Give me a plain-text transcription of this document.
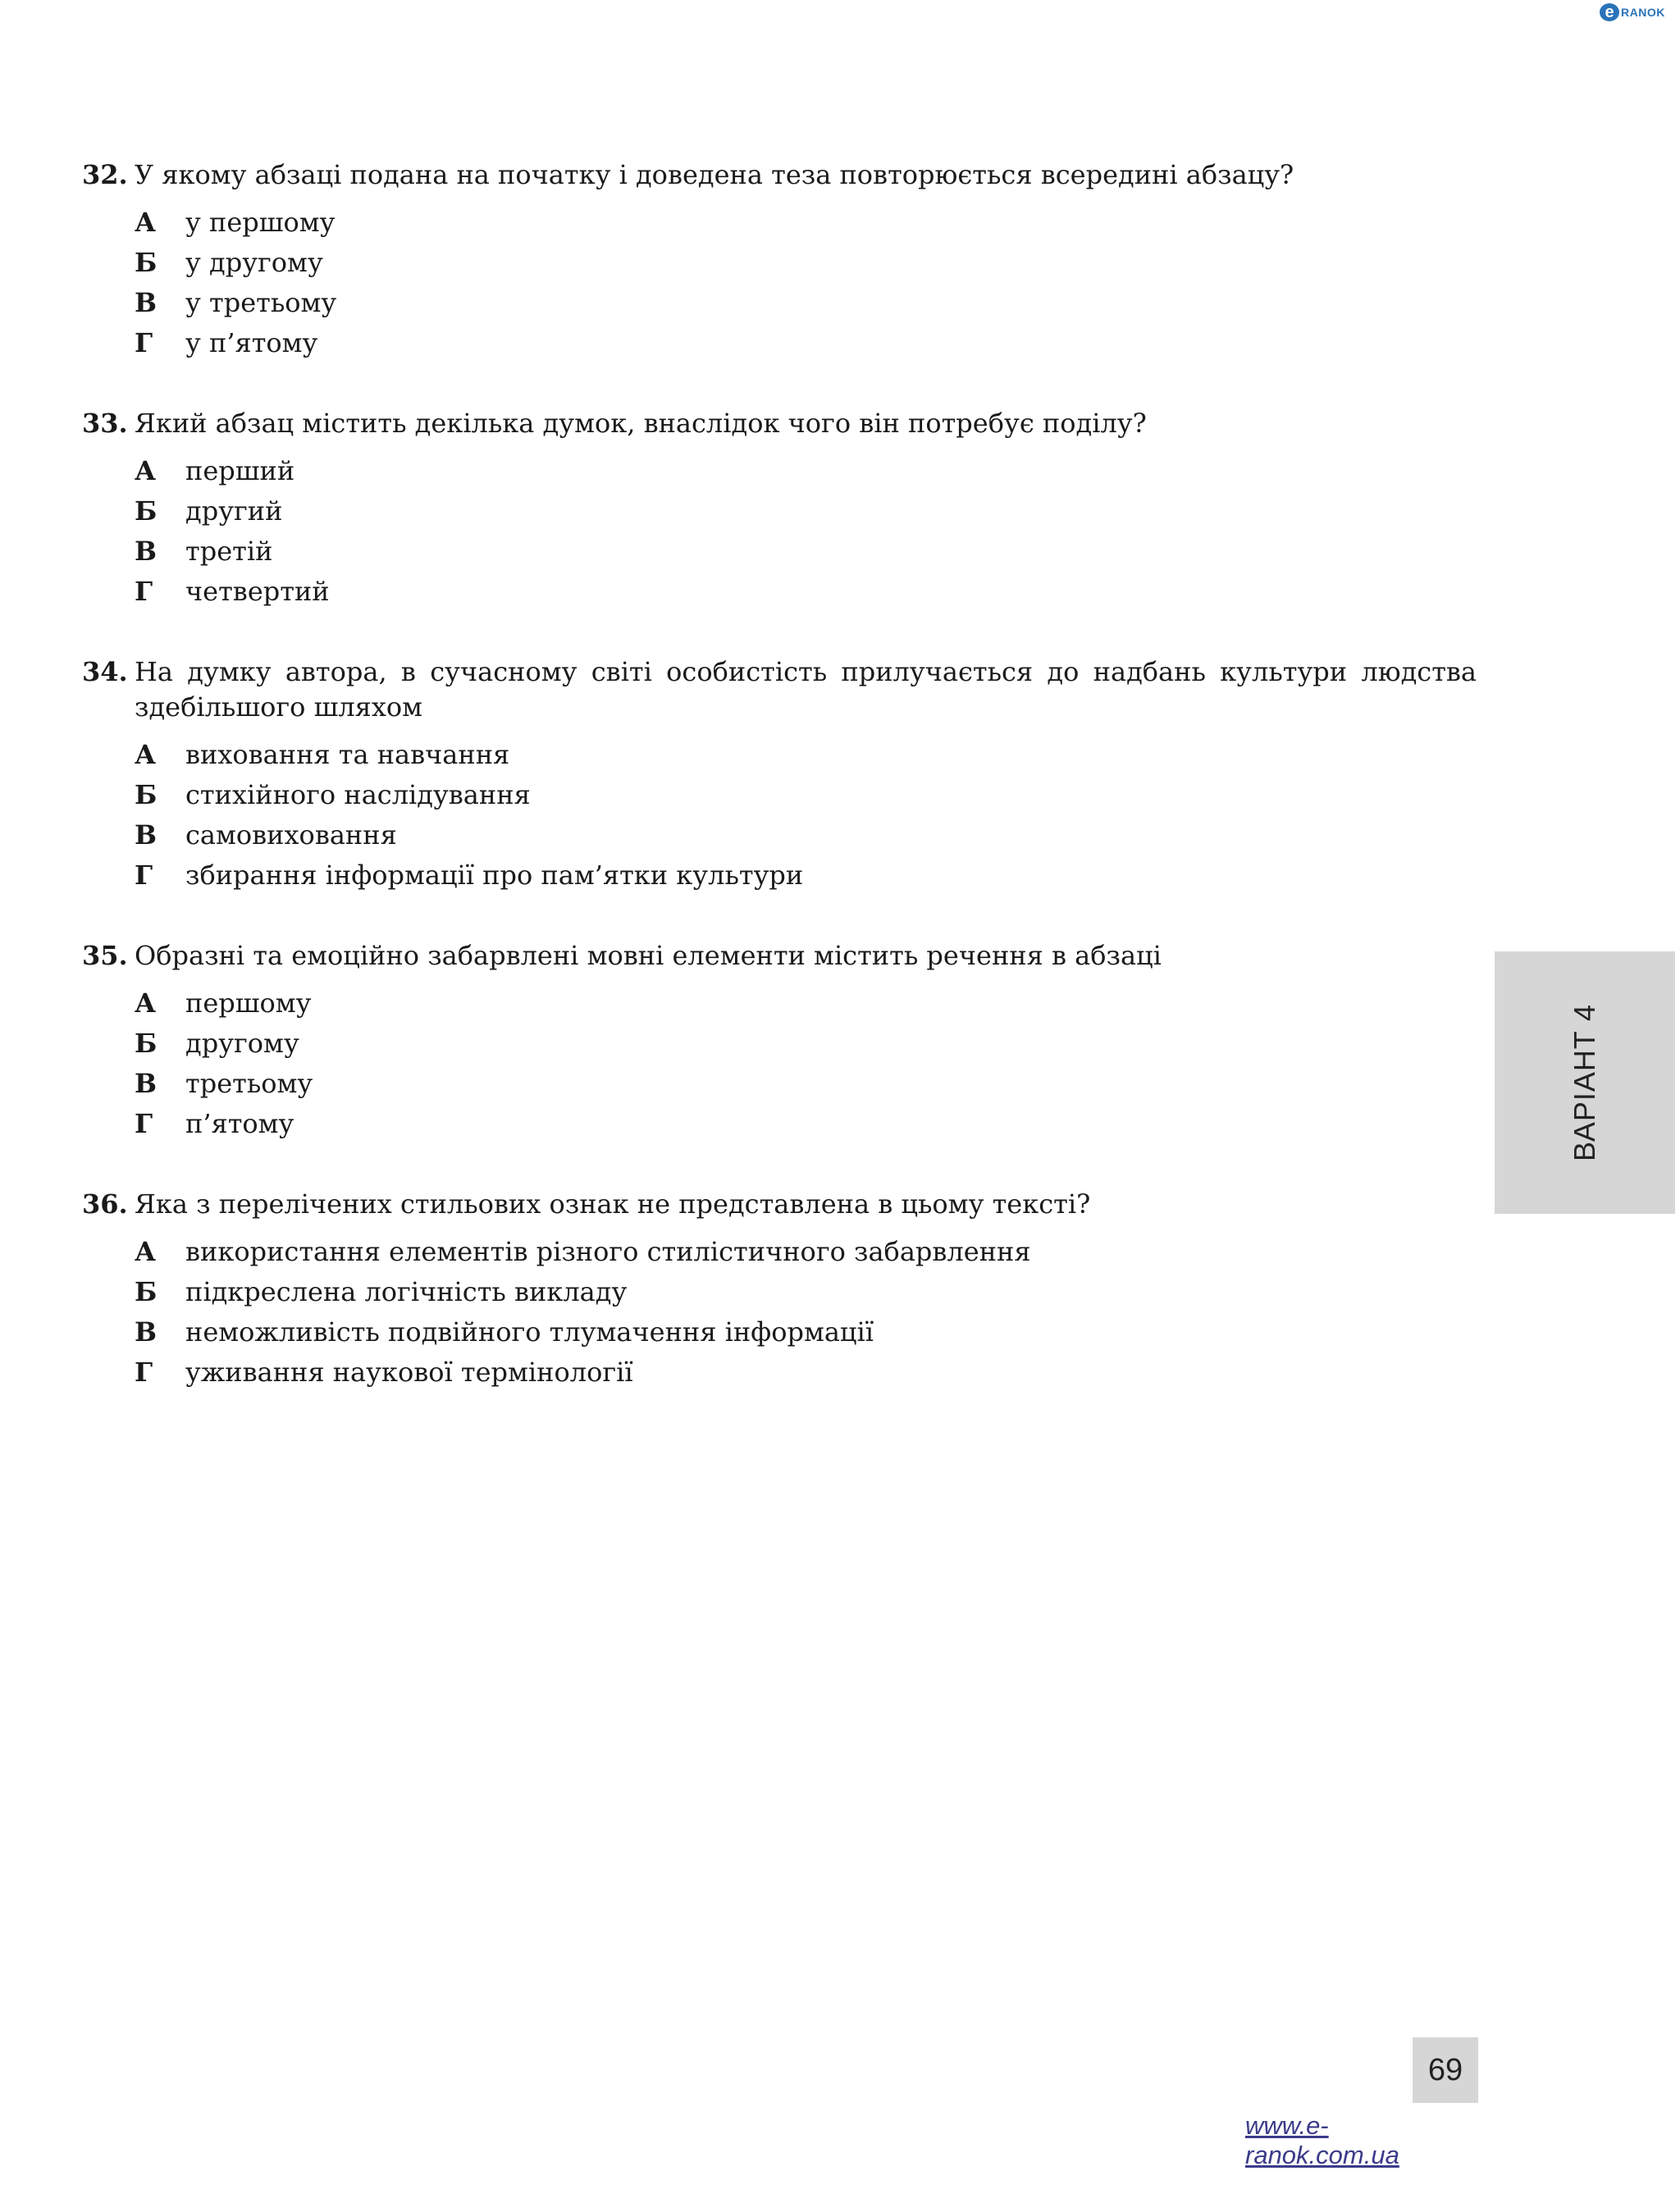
e RANOK
32. У якому абзаці подана на початку і доведена теза повторюється всередині абзацу?
А	у першому
Б	у другому
В	у третьому
Г	у п’ятому
33. Який абзац містить декілька думок, внаслідок чого він потребує поділу?
А	перший
Б	другий
В	третій
Г	четвертий
34. На думку автора, в сучасному світі особистість прилучається до надбань культури людства здебільшого шляхом
А	виховання та навчання
Б	стихійного наслідування
В	самовиховання
Г	збирання інформації про пам’ятки культури
35. Образні та емоційно забарвлені мовні елементи містить речення в абзаці
А	першому
Б	другому
В	третьому
Г	п’ятому
36. Яка з перелічених стильових ознак не представлена в цьому тексті?
А	використання елементів різного стилістичного забарвлення
Б	підкреслена логічність викладу
В	неможливість подвійного тлумачення інформації
Г	уживання наукової термінології
ВАРІАНТ 4
69
www.e-ranok.com.ua
